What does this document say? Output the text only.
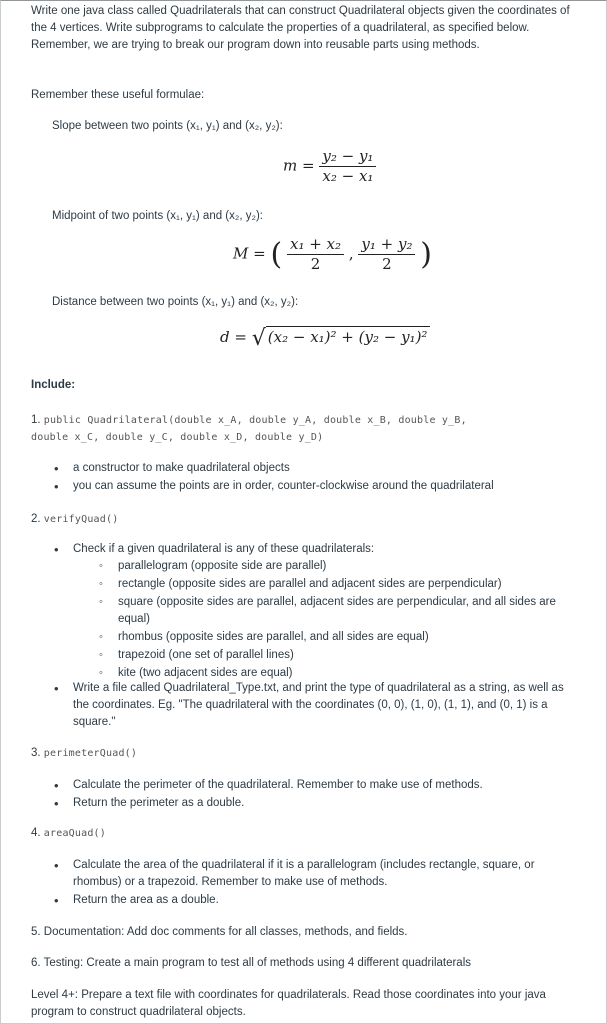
Write one java class called Quadrilaterals that can construct Quadrilateral objects given the coordinates of the 4 vertices. Write subprograms to calculate the properties of a quadrilateral, as specified below. Remember, we are trying to break our program down into reusable parts using methods.

Remember these useful formulae:

Slope between two points (x₁, y₁) and (x₂, y₂):

$m = \frac{\text{y₂ − y₁}}{\text{x₂ − x₁}}$

Midpoint of two points (x₁, y₁) and (x₂, y₂):

M = ( $\frac{\text{x₁ + x₂}}{2}$ , $\frac{\text{y₁ + y₂}}{2}$ )

Distance between two points (x₁, y₁) and (x₂, y₂):

d = √ (x₂ − x₁)² + (y₂ − y₁)²

Include:

1. public Quadrilateral(double x_A, double y_A, double x_B, double y_B,
double x_C, double y_C, double x_D, double y_D)

• a constructor to make quadrilateral objects
• you can assume the points are in order, counter-clockwise around the quadrilateral

2. verifyQuad()

• Check if a given quadrilateral is any of these quadrilaterals:
◦ parallelogram (opposite side are parallel)
◦ rectangle (opposite sides are parallel and adjacent sides are perpendicular)
◦ square (opposite sides are parallel, adjacent sides are perpendicular, and all sides are equal)
◦ rhombus (opposite sides are parallel, and all sides are equal)
◦ trapezoid (one set of parallel lines)
◦ kite (two adjacent sides are equal)
• Write a file called Quadrilateral_Type.txt, and print the type of quadrilateral as a string, as well as the coordinates. Eg. "The quadrilateral with the coordinates (0, 0), (1, 0), (1, 1), and (0, 1) is a square."

3. perimeterQuad()

• Calculate the perimeter of the quadrilateral. Remember to make use of methods.
• Return the perimeter as a double.

4. areaQuad()

• Calculate the area of the quadrilateral if it is a parallelogram (includes rectangle, square, or rhombus) or a trapezoid. Remember to make use of methods.
• Return the area as a double.

5. Documentation: Add doc comments for all classes, methods, and fields.

6. Testing: Create a main program to test all of methods using 4 different quadrilaterals

Level 4+: Prepare a text file with coordinates for quadrilaterals. Read those coordinates into your java program to construct quadrilateral objects.
